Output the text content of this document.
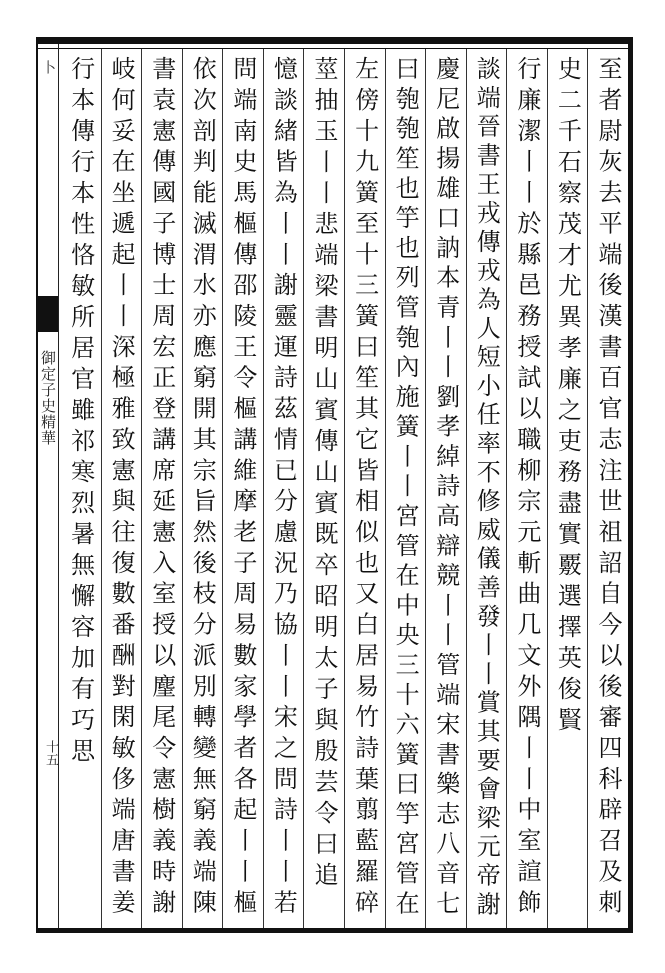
卜
御定子史精華
十五	至者尉灰去平端後漢書百官志注世祖詔自今以後審四科辟召及刺
史二千石察茂才尤異孝廉之吏務盡實覈選擇英俊賢
行廉潔丨丨於縣邑務授試以職柳宗元斬曲几文外隅丨丨中室諠飾
談端晉書王戎傳戎為人短小任率不修威儀善發丨丨賞其要會梁元帝謝
慶尼啟揚雄口訥本青丨丨劉孝綽詩高辯競丨丨管端宋書樂志八音七
曰匏匏笙也竽也列管匏內施簧丨丨宮管在中央三十六簧曰竽宮管在
左傍十九簧至十三簧曰笙其它皆相似也又白居易竹詩葉翦藍羅碎
莖抽玉丨丨悲端梁書明山賓傳山賓既卒昭明太子與殷芸令曰追
憶談緒皆為丨丨謝靈運詩茲情已分慮況乃協丨丨宋之問詩丨丨若
問端南史馬樞傳邵陵王令樞講維摩老子周易數家學者各起丨丨樞
依次剖判能滅渭水亦應窮開其宗旨然後枝分派別轉變無窮義端陳
書袁憲傳國子博士周宏正登講席延憲入室授以麈尾令憲樹義時謝
岐何妥在坐遞起丨丨深極雅致憲與往復數番酬對閑敏侈端唐書姜
行本傳行本性恪敏所居官雖祁寒烈暑無懈容加有巧思
